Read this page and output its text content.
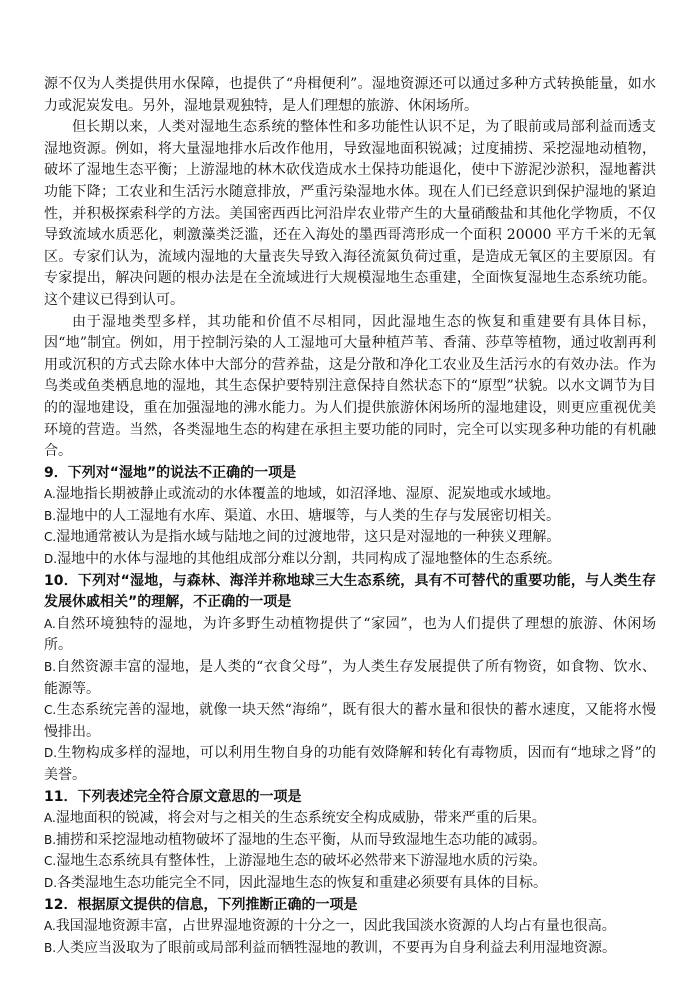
源不仅为人类提供用水保障，也提供了“舟楫便利”。湿地资源还可以通过多种方式转换能量，如水力或泥炭发电。另外，湿地景观独特，是人们理想的旅游、休闲场所。

但长期以来，人类对湿地生态系统的整体性和多功能性认识不足，为了眼前或局部利益而透支湿地资源。例如，将大量湿地排水后改作他用，导致湿地面积锐减；过度捕捞、采挖湿地动植物，破坏了湿地生态平衡；上游湿地的林木砍伐造成水土保持功能退化，使中下游泥沙淤积，湿地蓄洪功能下降；工农业和生活污水随意排放，严重污染湿地水体。现在人们已经意识到保护湿地的紧迫性，并积极探索科学的方法。美国密西西比河沿岸农业带产生的大量硝酸盐和其他化学物质，不仅导致流域水质恶化，刺激藻类泛滥，还在入海处的墨西哥湾形成一个面积 20000 平方千米的无氧区。专家们认为，流域内湿地的大量丧失导致入海径流氮负荷过重，是造成无氧区的主要原因。有专家提出，解决问题的根办法是在全流域进行大规模湿地生态重建，全面恢复湿地生态系统功能。这个建议已得到认可。

由于湿地类型多样，其功能和价值不尽相同，因此湿地生态的恢复和重建要有具体目标，因“地”制宜。例如，用于控制污染的人工湿地可大量种植芦苇、香蒲、莎草等植物，通过收割再利用或沉积的方式去除水体中大部分的营养盐，这是分散和净化工农业及生活污水的有效办法。作为鸟类或鱼类栖息地的湿地，其生态保护要特别注意保持自然状态下的“原型”状貌。以水文调节为目的的湿地建设，重在加强湿地的沸水能力。为人们提供旅游休闲场所的湿地建设，则更应重视优美环境的营造。当然，各类湿地生态的构建在承担主要功能的同时，完全可以实现多种功能的有机融合。

9．下列对“湿地”的说法不正确的一项是

A.湿地指长期被静止或流动的水体覆盖的地域，如沼泽地、湿原、泥炭地或水域地。

B.湿地中的人工湿地有水库、渠道、水田、塘堰等，与人类的生存与发展密切相关。

C.湿地通常被认为是指水域与陆地之间的过渡地带，这只是对湿地的一种狭义理解。

D.湿地中的水体与湿地的其他组成部分难以分割，共同构成了湿地整体的生态系统。

10．下列对“湿地，与森林、海洋并称地球三大生态系统，具有不可替代的重要功能，与人类生存发展休戚相关”的理解，不正确的一项是

A.自然环境独特的湿地，为许多野生动植物提供了“家园”，也为人们提供了理想的旅游、休闲场所。

B.自然资源丰富的湿地，是人类的“衣食父母”，为人类生存发展提供了所有物资，如食物、饮水、能源等。

C.生态系统完善的湿地，就像一块天然“海绵”，既有很大的蓄水量和很快的蓄水速度，又能将水慢慢排出。

D.生物构成多样的湿地，可以利用生物自身的功能有效降解和转化有毒物质，因而有“地球之肾”的美誉。

11．下列表述完全符合原文意思的一项是

A.湿地面积的锐减，将会对与之相关的生态系统安全构成威胁，带来严重的后果。

B.捕捞和采挖湿地动植物破坏了湿地的生态平衡，从而导致湿地生态功能的减弱。

C.湿地生态系统具有整体性，上游湿地生态的破坏必然带来下游湿地水质的污染。

D.各类湿地生态功能完全不同，因此湿地生态的恢复和重建必须要有具体的目标。

12．根据原文提供的信息，下列推断正确的一项是

A.我国湿地资源丰富，占世界湿地资源的十分之一，因此我国淡水资源的人均占有量也很高。

B.人类应当汲取为了眼前或局部利益而牺牲湿地的教训，不要再为自身利益去利用湿地资源。
